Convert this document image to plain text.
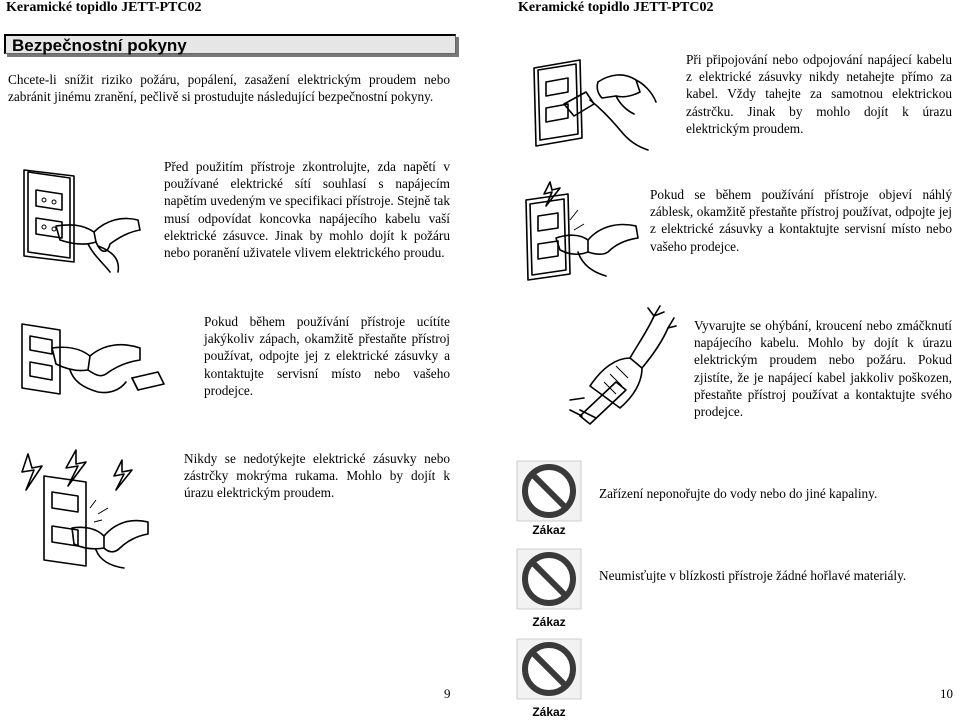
Keramické topidlo JETT-PTC02	Keramické topidlo JETT-PTC02
Bezpečnostní pokyny
Chcete-li snížit riziko požáru, popálení, zasažení elektrickým proudem nebo zabránit jinému zranění, pečlivě si prostudujte následující bezpečnostní pokyny.
Před použitím přístroje zkontrolujte, zda napětí v používané elektrické sítí souhlasí s napájecím napětím uvedeným ve specifikaci přístroje. Stejně tak musí odpovídat koncovka napájecího kabelu vaší elektrické zásuvce. Jinak by mohlo dojít k požáru nebo poranění uživatele vlivem elektrického proudu.
Pokud během používání přístroje ucítíte jakýkoliv zápach, okamžitě přestaňte přístroj používat, odpojte jej z elektrické zásuvky a kontaktujte servisní místo nebo vašeho prodejce.
Nikdy se nedotýkejte elektrické zásuvky nebo zástrčky mokrýma rukama. Mohlo by dojít k úrazu elektrickým proudem.
Při připojování nebo odpojování napájecí kabelu z elektrické zásuvky nikdy netahejte přímo za kabel. Vždy tahejte za samotnou elektrickou zástrčku. Jinak by mohlo dojít k úrazu elektrickým proudem.
Pokud se během používání přístroje objeví náhlý záblesk, okamžitě přestaňte přístroj používat, odpojte jej z elektrické zásuvky a kontaktujte servisní místo nebo vašeho prodejce.
Vyvarujte se ohýbání, kroucení nebo zmáčknutí napájecího kabelu. Mohlo by dojít k úrazu elektrickým proudem nebo požáru. Pokud zjistíte, že je napájecí kabel jakkoliv poškozen, přestaňte přístroj používat a kontaktujte svého prodejce.
Zákaz
Zařízení neponořujte do vody nebo do jiné kapaliny.
Zákaz
Neumisťujte v blízkosti přístroje žádné hořlavé materiály.
Zákaz
9	10
